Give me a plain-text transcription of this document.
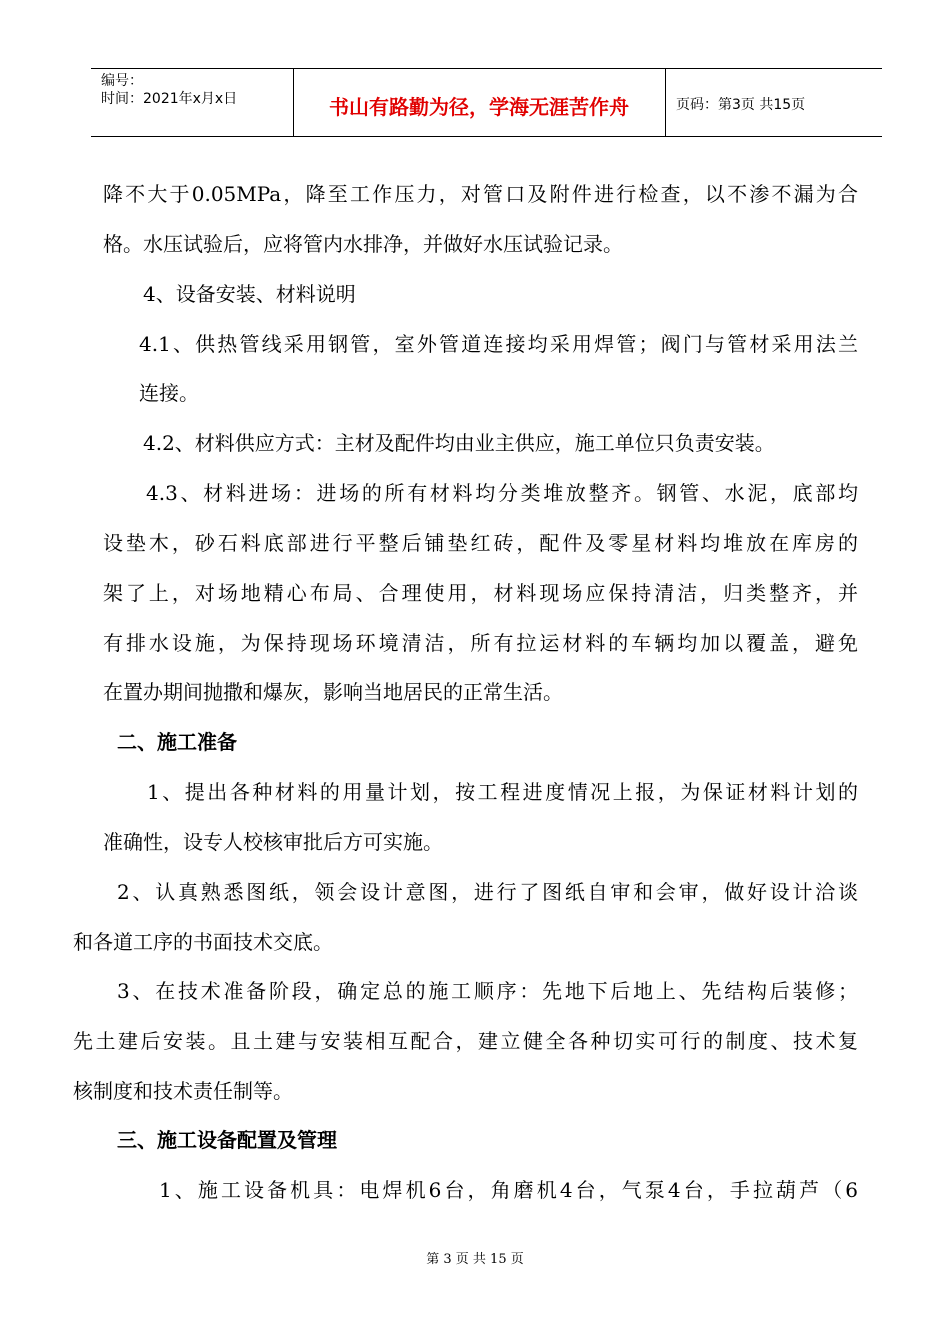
编号：
时间：2021年x月x日	书山有路勤为径，学海无涯苦作舟	页码：第3页 共15页
降不大于0.05MPa，降至工作压力，对管口及附件进行检查，以不渗不漏为合
格。水压试验后，应将管内水排净，并做好水压试验记录。
4、设备安装、材料说明
4.1、供热管线采用钢管，室外管道连接均采用焊管；阀门与管材采用法兰
连接。
4.2、材料供应方式：主材及配件均由业主供应，施工单位只负责安装。
4.3、材料进场：进场的所有材料均分类堆放整齐。钢管、水泥，底部均
设垫木，砂石料底部进行平整后铺垫红砖，配件及零星材料均堆放在库房的
架了上，对场地精心布局、合理使用，材料现场应保持清洁，归类整齐，并
有排水设施，为保持现场环境清洁，所有拉运材料的车辆均加以覆盖，避免
在置办期间抛撒和爆灰，影响当地居民的正常生活。
二、施工准备
1、提出各种材料的用量计划，按工程进度情况上报，为保证材料计划的
准确性，设专人校核审批后方可实施。
2、认真熟悉图纸，领会设计意图，进行了图纸自审和会审，做好设计洽谈
和各道工序的书面技术交底。
3、在技术准备阶段，确定总的施工顺序：先地下后地上、先结构后装修；
先土建后安装。且土建与安装相互配合，建立健全各种切实可行的制度、技术复
核制度和技术责任制等。
三、施工设备配置及管理
1、施工设备机具：电焊机6台，角磨机4台，气泵4台，手拉葫芦（6
第 3 页 共 15 页
